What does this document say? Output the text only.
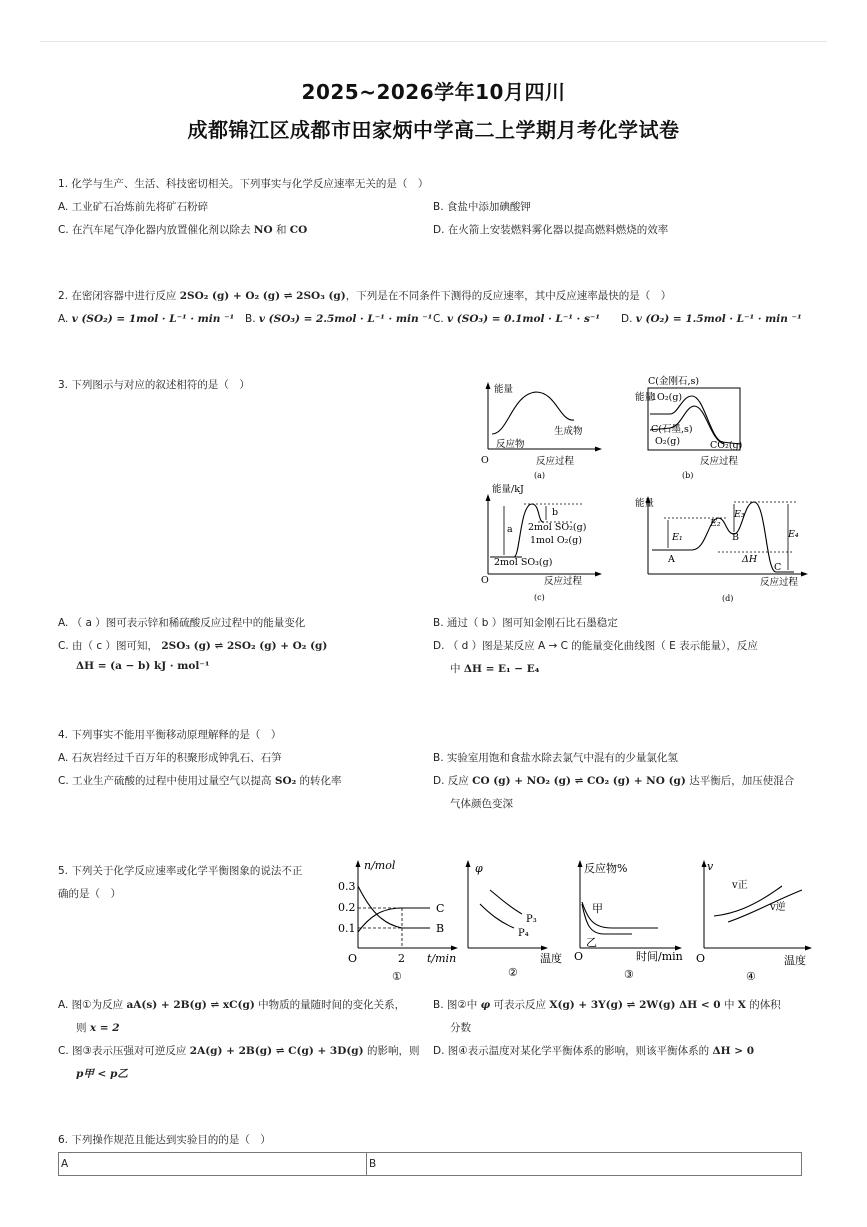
2025~2026学年10月四川
成都锦江区成都市田家炳中学高二上学期月考化学试卷
1. 化学与生产、生活、科技密切相关。下列事实与化学反应速率无关的是（　）
A. 工业矿石冶炼前先将矿石粉碎	B. 食盐中添加碘酸钾
C. 在汽车尾气净化器内放置催化剂以除去 NO 和 CO	D. 在火箭上安装燃料雾化器以提高燃料燃烧的效率
2. 在密闭容器中进行反应 2SO₂ (g) + O₂ (g) ⇌ 2SO₃ (g)，下列是在不同条件下测得的反应速率，其中反应速率最快的是（　）
A. v (SO₂) = 1mol · L⁻¹ · min ⁻¹ B. v (SO₃) = 2.5mol · L⁻¹ · min ⁻¹ C. v (SO₃) = 0.1mol · L⁻¹ · s⁻¹ D. v (O₂) = 1.5mol · L⁻¹ · min ⁻¹
3. 下列图示与对应的叙述相符的是（　）	能量
生成物
反应物
O	反应过程
(a)
C(金刚石,s)
能量
1O₂(g)
C(石墨,s)
O₂(g)	CO₂(g)
反应过程
(b)
能量/kJ
b
a 2mol SO₂(g)
1mol O₂(g)
2mol SO₃(g)
O	反应过程
(c)
能量
E₁
E₂
E₃
E₄
B
A	ΔH
C
反应过程
(d)
A. （ a ）图可表示锌和稀硫酸反应过程中的能量变化	B. 通过（ b ）图可知金刚石比石墨稳定
C. 由（ c ）图可知， 2SO₃ (g) ⇌ 2SO₂ (g) + O₂ (g)
ΔH = (a − b) kJ · mol⁻¹
D. （ d ）图是某反应 A → C 的能量变化曲线图（ E 表示能量），反应
中 ΔH = E₁ − E₄
4. 下列事实不能用平衡移动原理解释的是（　）
A. 石灰岩经过千百万年的积聚形成钟乳石、石笋	B. 实验室用饱和食盐水除去氯气中混有的少量氯化氢
C. 工业生产硫酸的过程中使用过量空气以提高 SO₂ 的转化率	D. 反应 CO (g) + NO₂ (g) ⇌ CO₂ (g) + NO (g) 达平衡后，加压使混合
气体颜色变深
5. 下列关于化学反应速率或化学平衡图象的说法不正
确的是（　）
n/mol
0.3
0.2
0.1
C
B
O	2 t/min
①
φ
P₃
P₄
温度
②
反应物%
甲
乙
O	时间/min
③
v
v正
v逆
O	温度
④
A. 图①为反应 aA(s) + 2B(g) ⇌ xC(g) 中物质的量随时间的变化关系，
则 x = 2
B. 图②中 φ 可表示反应 X(g) + 3Y(g) ⇌ 2W(g) ΔH < 0 中 X 的体积
分数
C. 图③表示压强对可逆反应 2A(g) + 2B(g) ⇌ C(g) + 3D(g) 的影响，则
p甲 < p乙
D. 图④表示温度对某化学平衡体系的影响，则该平衡体系的 ΔH > 0
6. 下列操作规范且能达到实验目的的是（　）
A	B
